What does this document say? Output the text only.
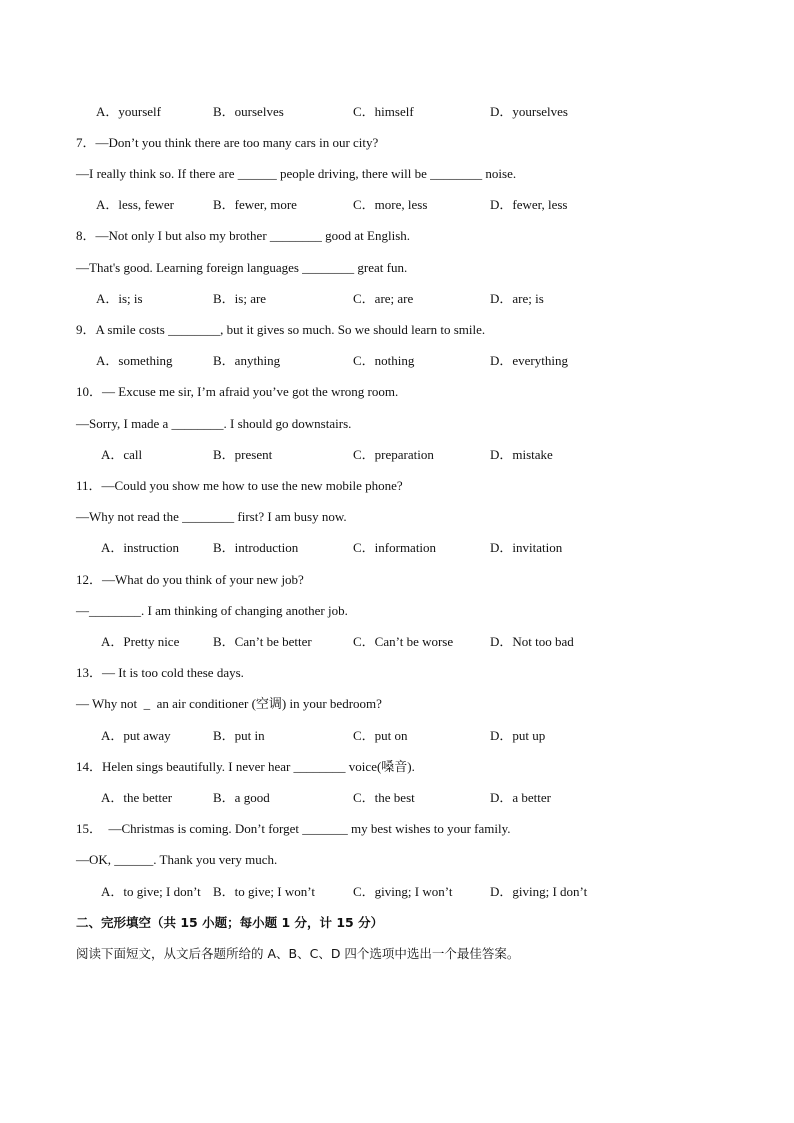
A．yourself	B．ourselves	C．himself	D．yourselves
7．—Don’t you think there are too many cars in our city?
—I really think so. If there are ______ people driving, there will be ________ noise.
A．less, fewer	B．fewer, more	C．more, less	D．fewer, less
8．—Not only I but also my brother ________ good at English.
—That's good. Learning foreign languages ________ great fun.
A．is; is	B．is; are	C．are; are	D．are; is
9．A smile costs ________, but it gives so much. So we should learn to smile.
A．something	B．anything	C．nothing	D．everything
10．— Excuse me sir, I’m afraid you’ve got the wrong room.
—Sorry, I made a ________. I should go downstairs.
A．call	B．present	C．preparation	D．mistake
11．—Could you show me how to use the new mobile phone?
—Why not read the ________ first? I am busy now.
A．instruction	B．introduction	C．information	D．invitation
12．—What do you think of your new job?
—________. I am thinking of changing another job.
A．Pretty nice	B．Can’t be better	C．Can’t be worse	D．Not too bad
13．— It is too cold these days.
— Why not  _  an air conditioner (空调) in your bedroom?
A．put away	B．put in	C．put on	D．put up
14．Helen sings beautifully. I never hear ________ voice(嗓音).
A．the better	B．a good	C．the best	D．a better
15．  —Christmas is coming. Don’t forget _______ my best wishes to your family.
—OK, ______. Thank you very much.
A．to give; I don’t B．to give; I won’t	C．giving; I won’t	D．giving; I don’t
二、完形填空（共 15 小题；每小题 1 分，计 15 分）
阅读下面短文，从文后各题所给的 A、B、C、D 四个选项中选出一个最佳答案。
